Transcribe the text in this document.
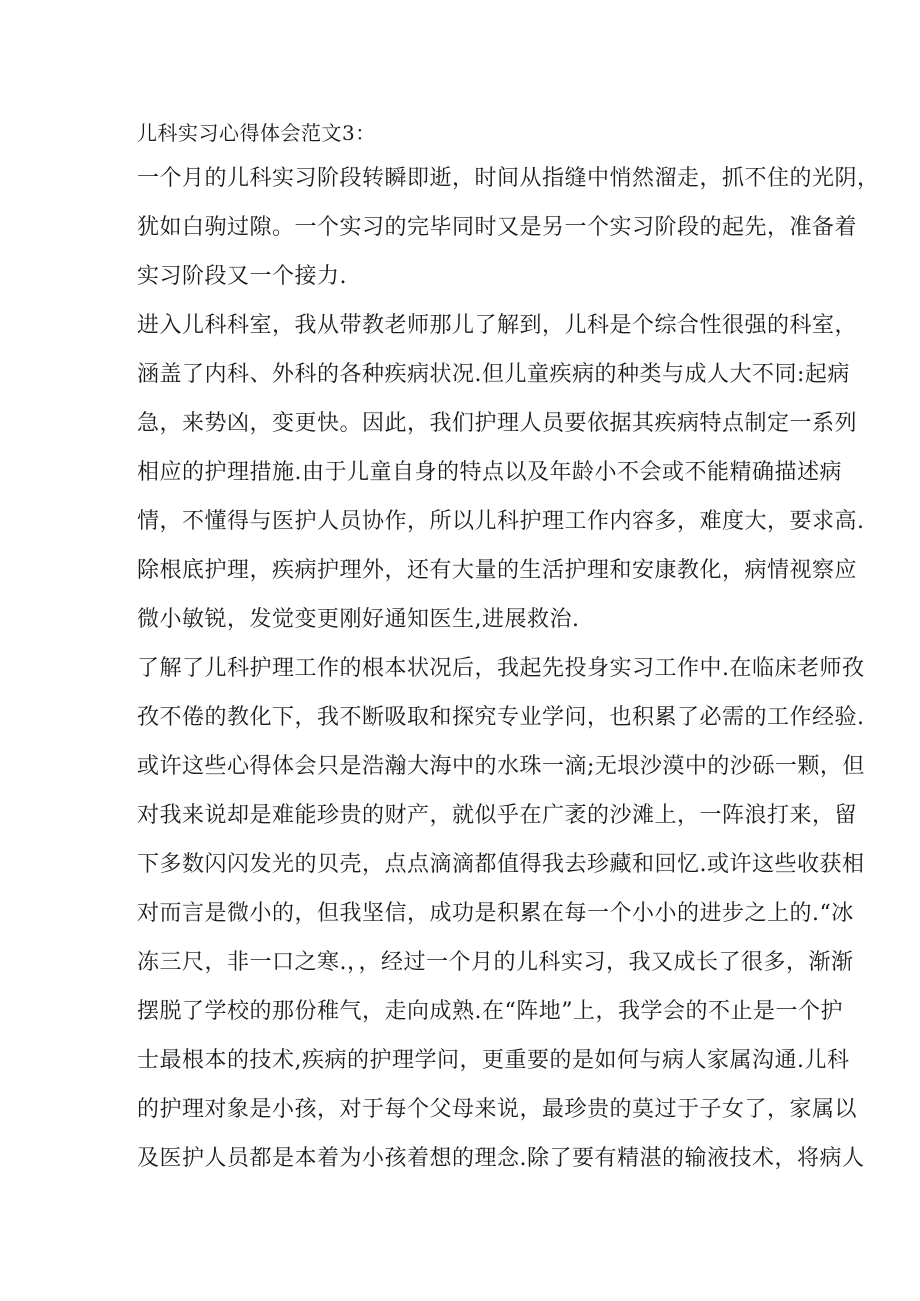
儿科实习心得体会范文3：
一个月的儿科实习阶段转瞬即逝，时间从指缝中悄然溜走，抓不住的光阴，
犹如白驹过隙。一个实习的完毕同时又是另一个实习阶段的起先，准备着
实习阶段又一个接力.
进入儿科科室，我从带教老师那儿了解到，儿科是个综合性很强的科室，
涵盖了内科、外科的各种疾病状况.但儿童疾病的种类与成人大不同:起病
急，来势凶，变更快。因此，我们护理人员要依据其疾病特点制定一系列
相应的护理措施.由于儿童自身的特点以及年龄小不会或不能精确描述病
情，不懂得与医护人员协作，所以儿科护理工作内容多，难度大，要求高.
除根底护理，疾病护理外，还有大量的生活护理和安康教化，病情视察应
微小敏锐，发觉变更刚好通知医生,进展救治.
了解了儿科护理工作的根本状况后，我起先投身实习工作中.在临床老师孜
孜不倦的教化下，我不断吸取和探究专业学问，也积累了必需的工作经验.
或许这些心得体会只是浩瀚大海中的水珠一滴;无垠沙漠中的沙砾一颗，但
对我来说却是难能珍贵的财产，就似乎在广袤的沙滩上，一阵浪打来，留
下多数闪闪发光的贝壳，点点滴滴都值得我去珍藏和回忆.或许这些收获相
对而言是微小的，但我坚信，成功是积累在每一个小小的进步之上的.“冰
冻三尺，非一口之寒.，，经过一个月的儿科实习，我又成长了很多，渐渐
摆脱了学校的那份稚气，走向成熟.在“阵地”上，我学会的不止是一个护
士最根本的技术,疾病的护理学问，更重要的是如何与病人家属沟通.儿科
的护理对象是小孩，对于每个父母来说，最珍贵的莫过于子女了，家属以
及医护人员都是本着为小孩着想的理念.除了要有精湛的输液技术，将病人
